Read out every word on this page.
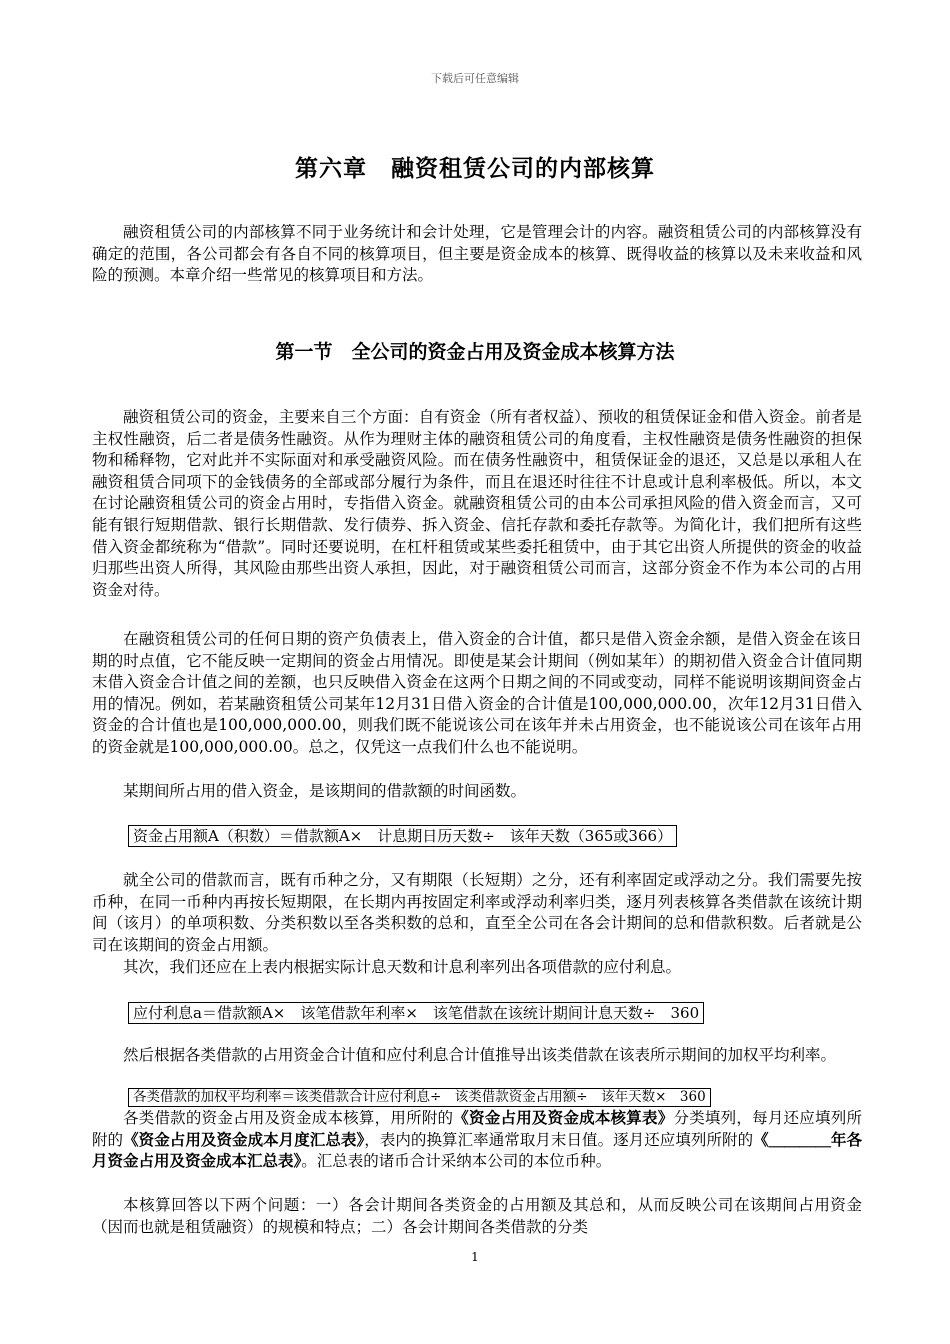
下载后可任意编辑
第六章　融资租赁公司的内部核算

融资租赁公司的内部核算不同于业务统计和会计处理，它是管理会计的内容。融资租赁公司的内部核算没有确定的范围，各公司都会有各自不同的核算项目，但主要是资金成本的核算、既得收益的核算以及未来收益和风险的预测。本章介绍一些常见的核算项目和方法。

第一节　全公司的资金占用及资金成本核算方法

融资租赁公司的资金，主要来自三个方面：自有资金（所有者权益）、预收的租赁保证金和借入资金。前者是主权性融资，后二者是债务性融资。从作为理财主体的融资租赁公司的角度看，主权性融资是债务性融资的担保物和稀释物，它对此并不实际面对和承受融资风险。而在债务性融资中，租赁保证金的退还，又总是以承租人在融资租赁合同项下的金钱债务的全部或部分履行为条件，而且在退还时往往不计息或计息利率极低。所以，本文在讨论融资租赁公司的资金占用时，专指借入资金。就融资租赁公司的由本公司承担风险的借入资金而言，又可能有银行短期借款、银行长期借款、发行债券、拆入资金、信托存款和委托存款等。为简化计，我们把所有这些借入资金都统称为“借款”。同时还要说明，在杠杆租赁或某些委托租赁中，由于其它出资人所提供的资金的收益归那些出资人所得，其风险由那些出资人承担，因此，对于融资租赁公司而言，这部分资金不作为本公司的占用资金对待。

在融资租赁公司的任何日期的资产负债表上，借入资金的合计值，都只是借入资金余额，是借入资金在该日期的时点值，它不能反映一定期间的资金占用情况。即使是某会计期间（例如某年）的期初借入资金合计值同期末借入资金合计值之间的差额，也只反映借入资金在这两个日期之间的不同或变动，同样不能说明该期间资金占用的情况。例如，若某融资租赁公司某年12月31日借入资金的合计值是100,000,000.00，次年12月31日借入资金的合计值也是100,000,000.00，则我们既不能说该公司在该年并未占用资金，也不能说该公司在该年占用的资金就是100,000,000.00。总之，仅凭这一点我们什么也不能说明。

某期间所占用的借入资金，是该期间的借款额的时间函数。

资金占用额A（积数）＝借款额A×　计息期日历天数÷　该年天数（365或366）

就全公司的借款而言，既有币种之分，又有期限（长短期）之分，还有利率固定或浮动之分。我们需要先按币种，在同一币种内再按长短期限，在长期内再按固定利率或浮动利率归类，逐月列表核算各类借款在该统计期间（该月）的单项积数、分类积数以至各类积数的总和，直至全公司在各会计期间的总和借款积数。后者就是公司在该期间的资金占用额。

其次，我们还应在上表内根据实际计息天数和计息利率列出各项借款的应付利息。

应付利息a＝借款额A×　该笔借款年利率×　该笔借款在该统计期间计息天数÷　360

然后根据各类借款的占用资金合计值和应付利息合计值推导出该类借款在该表所示期间的加权平均利率。

各类借款的加权平均利率＝该类借款合计应付利息÷　该类借款资金占用额÷　该年天数×　360

各类借款的资金占用及资金成本核算，用所附的《资金占用及资金成本核算表》分类填列，每月还应填列所附的《资金占用及资金成本月度汇总表》，表内的换算汇率通常取月末日值。逐月还应填列所附的《＿＿＿＿年各月资金占用及资金成本汇总表》。汇总表的诸币合计采纳本公司的本位币种。

本核算回答以下两个问题：一）各会计期间各类资金的占用额及其总和，从而反映公司在该期间占用资金（因而也就是租赁融资）的规模和特点；二）各会计期间各类借款的分类

1
